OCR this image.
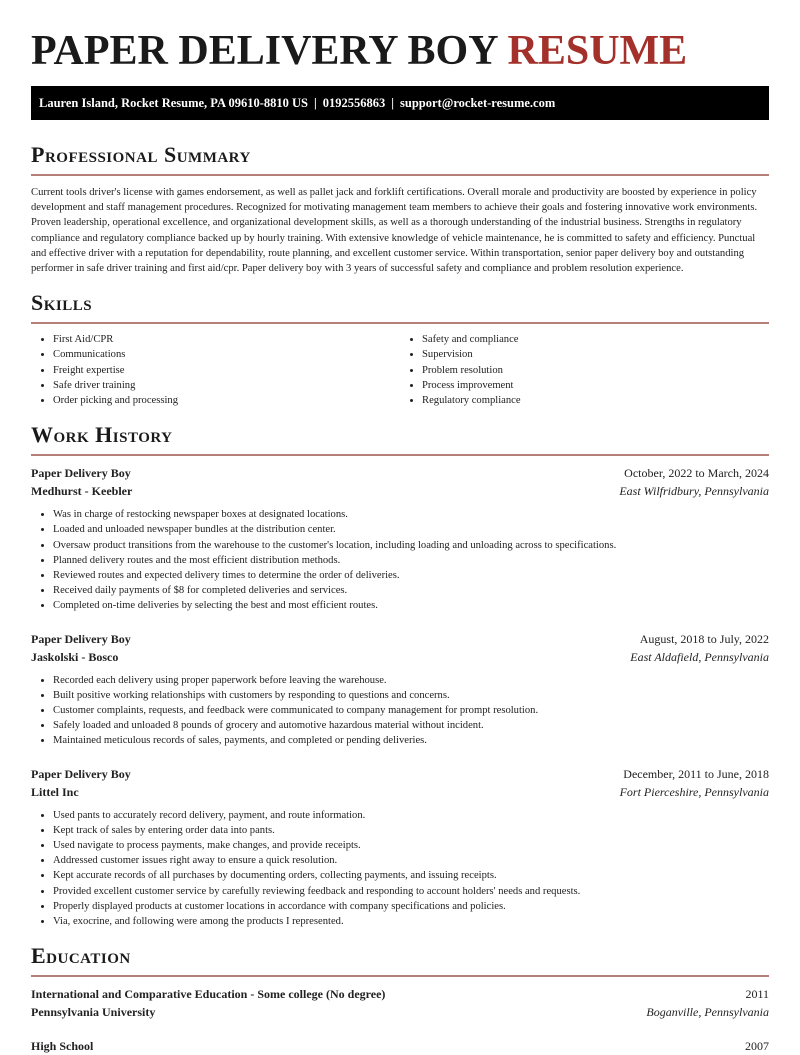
PAPER DELIVERY BOY RESUME
Lauren Island, Rocket Resume, PA 09610-8810 US | 0192556863 | support@rocket-resume.com
Professional Summary

Current tools driver's license with games endorsement, as well as pallet jack and forklift certifications. Overall morale and productivity are boosted by experience in policy development and staff management procedures. Recognized for motivating management team members to achieve their goals and fostering innovative work environments. Proven leadership, operational excellence, and organizational development skills, as well as a thorough understanding of the industrial business. Strengths in regulatory compliance and regulatory compliance backed up by hourly training. With extensive knowledge of vehicle maintenance, he is committed to safety and efficiency. Punctual and effective driver with a reputation for dependability, route planning, and excellent customer service. Within transportation, senior paper delivery boy and outstanding performer in safe driver training and first aid/cpr. Paper delivery boy with 3 years of successful safety and compliance and problem resolution experience.

Skills
• First Aid/CPR
• Communications
• Freight expertise
• Safe driver training
• Order picking and processing
• Safety and compliance
• Supervision
• Problem resolution
• Process improvement
• Regulatory compliance
Work History
Paper Delivery Boy	October, 2022 to March, 2024
Medhurst - Keebler	East Wilfridbury, Pennsylvania
• Was in charge of restocking newspaper boxes at designated locations.
• Loaded and unloaded newspaper bundles at the distribution center.
• Oversaw product transitions from the warehouse to the customer's location, including loading and unloading across to specifications.
• Planned delivery routes and the most efficient distribution methods.
• Reviewed routes and expected delivery times to determine the order of deliveries.
• Received daily payments of $8 for completed deliveries and services.
• Completed on-time deliveries by selecting the best and most efficient routes.
Paper Delivery Boy	August, 2018 to July, 2022
Jaskolski - Bosco	East Aldafield, Pennsylvania
• Recorded each delivery using proper paperwork before leaving the warehouse.
• Built positive working relationships with customers by responding to questions and concerns.
• Customer complaints, requests, and feedback were communicated to company management for prompt resolution.
• Safely loaded and unloaded 8 pounds of grocery and automotive hazardous material without incident.
• Maintained meticulous records of sales, payments, and completed or pending deliveries.
Paper Delivery Boy	December, 2011 to June, 2018
Littel Inc	Fort Pierceshire, Pennsylvania
• Used pants to accurately record delivery, payment, and route information.
• Kept track of sales by entering order data into pants.
• Used navigate to process payments, make changes, and provide receipts.
• Addressed customer issues right away to ensure a quick resolution.
• Kept accurate records of all purchases by documenting orders, collecting payments, and issuing receipts.
• Provided excellent customer service by carefully reviewing feedback and responding to account holders' needs and requests.
• Properly displayed products at customer locations in accordance with company specifications and policies.
• Via, exocrine, and following were among the products I represented.
Education
International and Comparative Education - Some college (No degree)	2011
Pennsylvania University	Boganville, Pennsylvania
High School	2007
